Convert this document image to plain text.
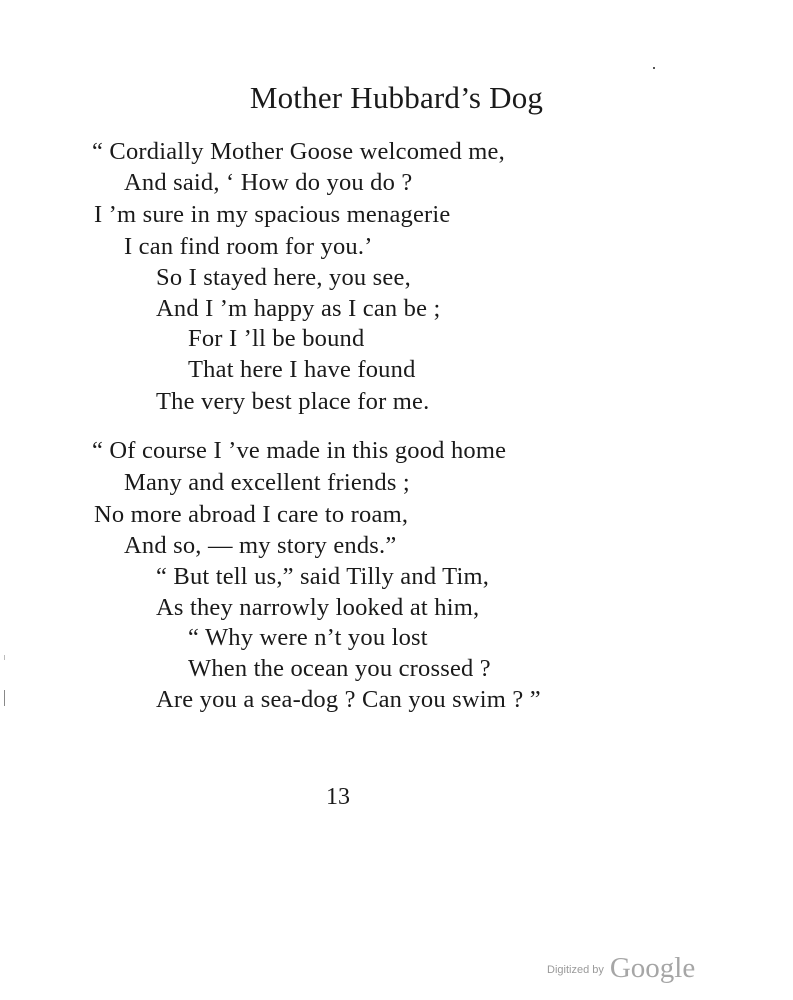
Mother Hubbard’s Dog
“ Cordially Mother Goose welcomed me,
And said, ‘ How do you do ?
I ’m sure in my spacious menagerie
I can find room for you.’
So I stayed here, you see,
And I ’m happy as I can be ;
For I ’ll be bound
That here I have found
The very best place for me.
“ Of course I ’ve made in this good home
Many and excellent friends ;
No more abroad I care to roam,
And so, — my story ends.”
“ But tell us,” said Tilly and Tim,
As they narrowly looked at him,
“ Why were n’t you lost
When the ocean you crossed ?
Are you a sea-dog ? Can you swim ? ”
13
$^{Digitized by}$ Google
